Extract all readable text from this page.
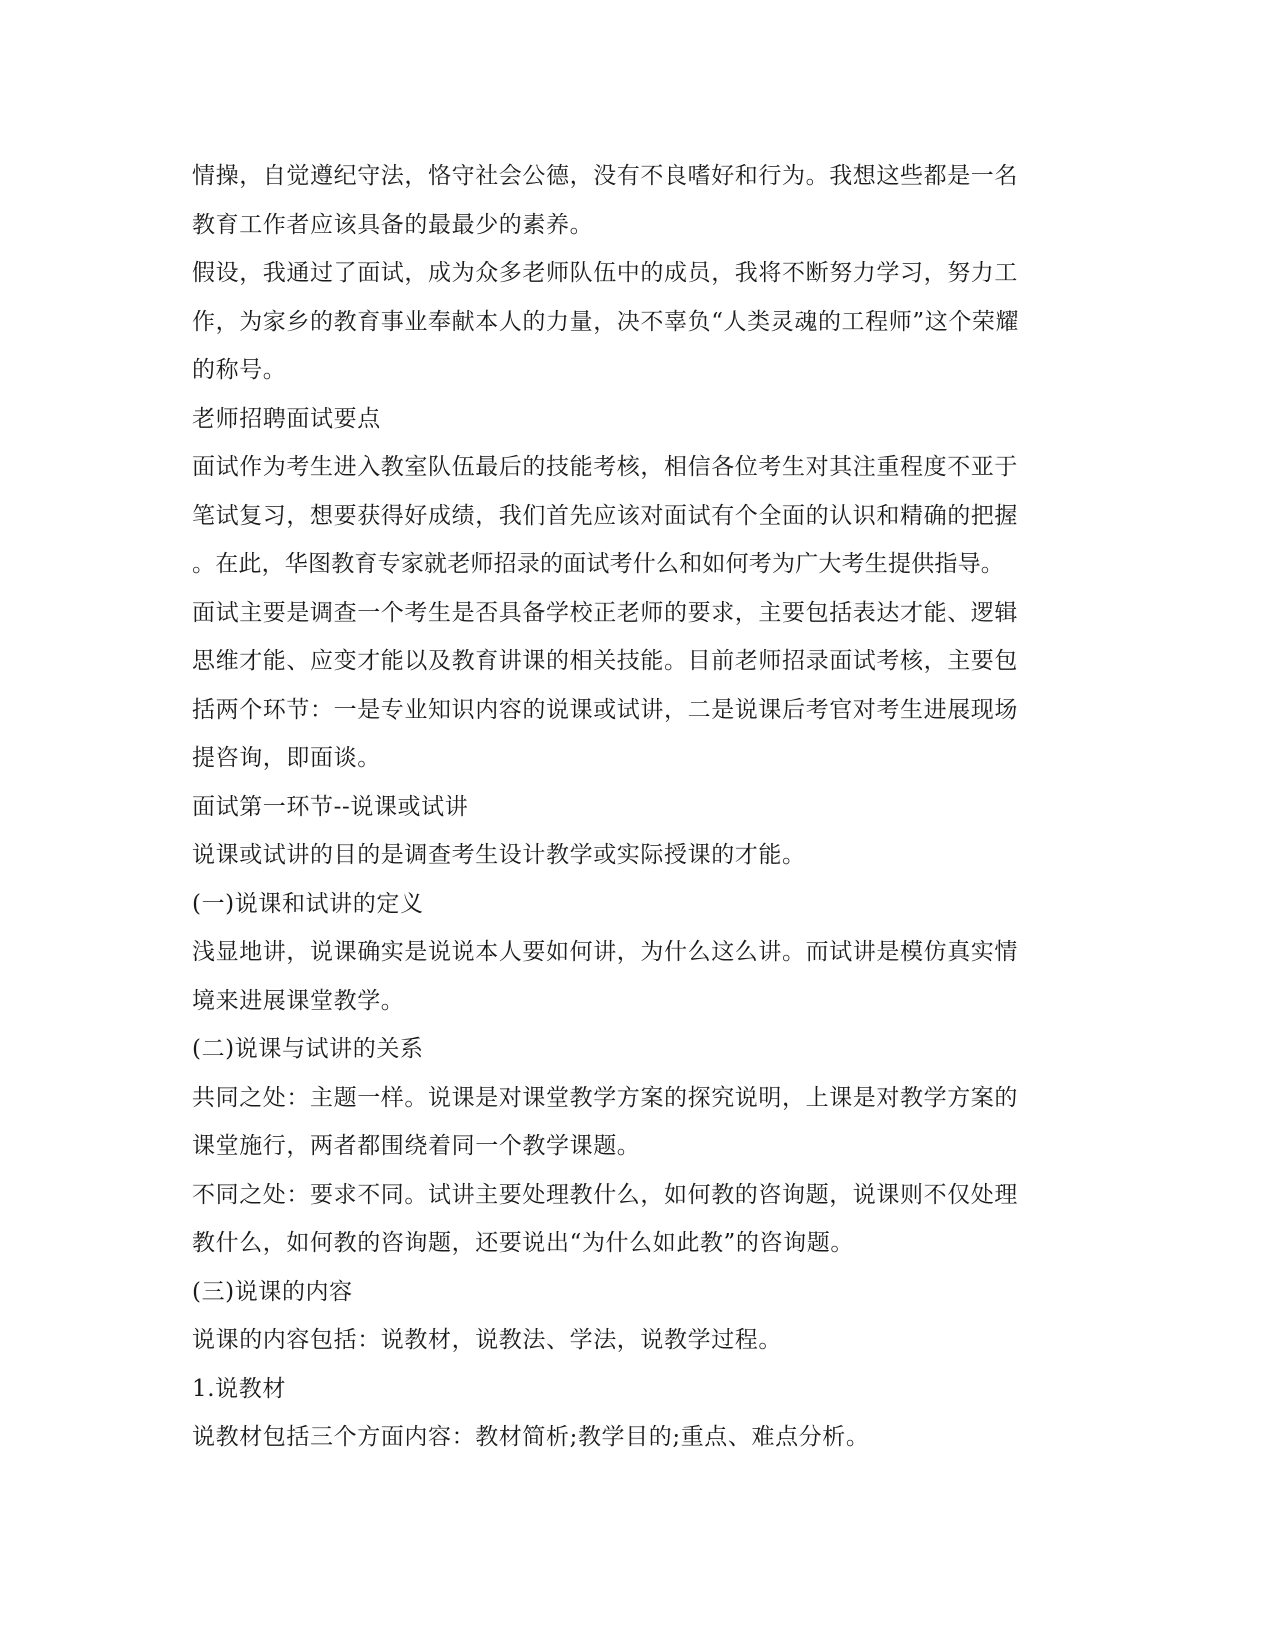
情操，自觉遵纪守法，恪守社会公德，没有不良嗜好和行为。我想这些都是一名
教育工作者应该具备的最最少的素养。
假设，我通过了面试，成为众多老师队伍中的成员，我将不断努力学习，努力工
作，为家乡的教育事业奉献本人的力量，决不辜负“人类灵魂的工程师”这个荣耀
的称号。
老师招聘面试要点
面试作为考生进入教室队伍最后的技能考核，相信各位考生对其注重程度不亚于
笔试复习，想要获得好成绩，我们首先应该对面试有个全面的认识和精确的把握
。在此，华图教育专家就老师招录的面试考什么和如何考为广大考生提供指导。
面试主要是调查一个考生是否具备学校正老师的要求，主要包括表达才能、逻辑
思维才能、应变才能以及教育讲课的相关技能。目前老师招录面试考核，主要包
括两个环节：一是专业知识内容的说课或试讲，二是说课后考官对考生进展现场
提咨询，即面谈。
面试第一环节--说课或试讲
说课或试讲的目的是调查考生设计教学或实际授课的才能。
(一)说课和试讲的定义
浅显地讲，说课确实是说说本人要如何讲，为什么这么讲。而试讲是模仿真实情
境来进展课堂教学。
(二)说课与试讲的关系
共同之处：主题一样。说课是对课堂教学方案的探究说明，上课是对教学方案的
课堂施行，两者都围绕着同一个教学课题。
不同之处：要求不同。试讲主要处理教什么，如何教的咨询题，说课则不仅处理
教什么，如何教的咨询题，还要说出“为什么如此教”的咨询题。
(三)说课的内容
说课的内容包括：说教材，说教法、学法，说教学过程。
1.说教材
说教材包括三个方面内容：教材简析;教学目的;重点、难点分析。
